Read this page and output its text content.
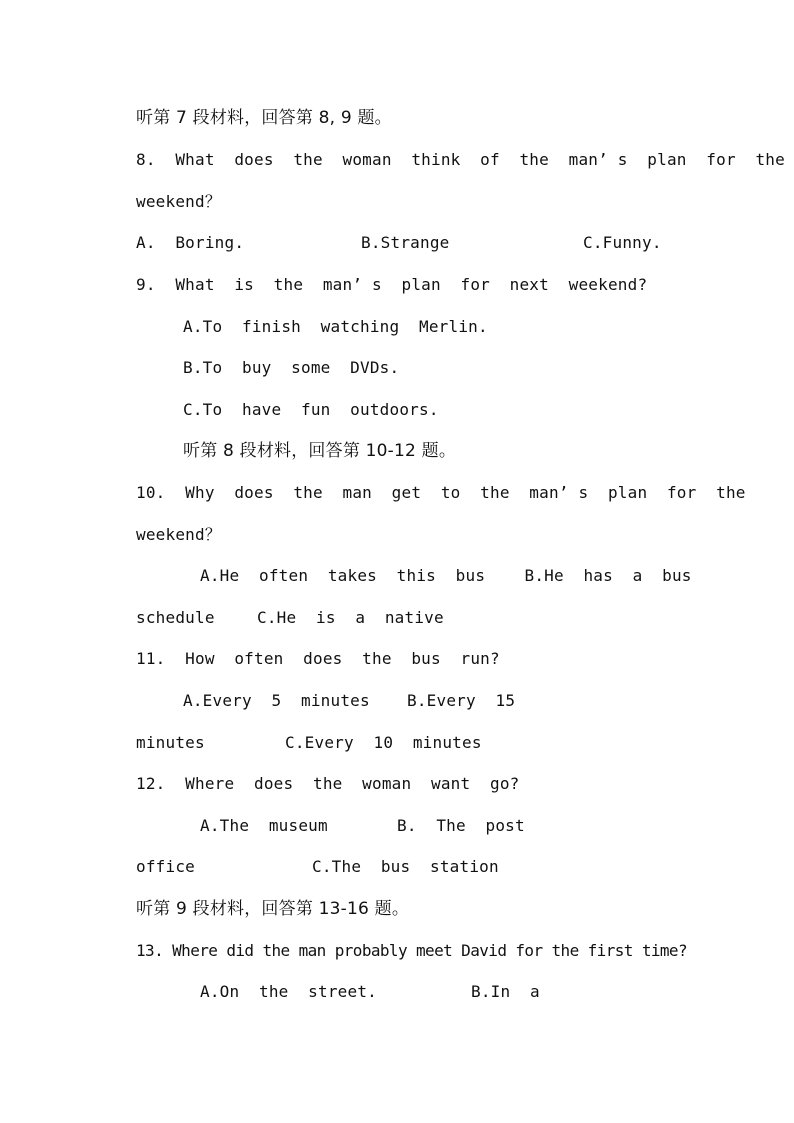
听第 7 段材料，回答第 8, 9 题。
8.  What  does  the  woman  think  of  the  man’ s  plan  for  the
weekend？
A.  Boring.	B.Strange	C.Funny.
9.  What  is  the  man’ s  plan  for  next  weekend?
A.To  finish  watching  Merlin.
B.To  buy  some  DVDs.
C.To  have  fun  outdoors.
听第 8 段材料，回答第 10-12 题。
10.  Why  does  the  man  get  to  the  man’ s  plan  for  the
weekend？
A.He  often  takes  this  bus    B.He  has  a  bus
schedule	C.He  is  a  native
11.  How  often  does  the  bus  run?
A.Every  5  minutes B.Every  15
minutes	C.Every  10  minutes
12.  Where  does  the  woman  want  go?
A.The  museum	B.  The  post
office	C.The  bus  station
听第 9 段材料，回答第 13-16 题。
13. Where did the man probably meet David for the first time?
A.On  the  street.	B.In  a
